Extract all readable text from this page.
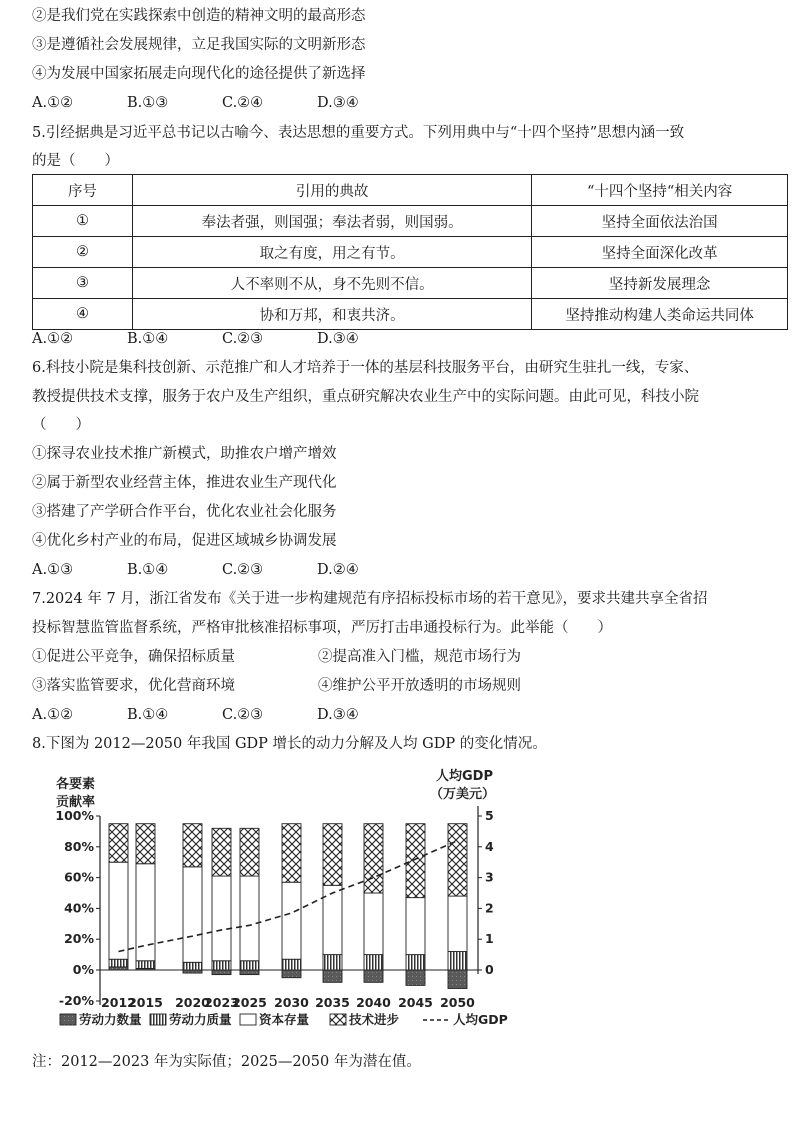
②是我们党在实践探索中创造的精神文明的最高形态
③是遵循社会发展规律，立足我国实际的文明新形态
④为发展中国家拓展走向现代化的途径提供了新选择
A.①②	B.①③	C.②④	D.③④
5.引经据典是习近平总书记以古喻今、表达思想的重要方式。下列用典中与“十四个坚持”思想内涵一致
的是（　　）
序号	引用的典故	“十四个坚持“相关内容
①	奉法者强，则国强；奉法者弱，则国弱。	坚持全面依法治国
②	取之有度，用之有节。	坚持全面深化改革
③	人不率则不从，身不先则不信。	坚持新发展理念
④	协和万邦，和衷共济。	坚持推动构建人类命运共同体
A.①②	B.①④	C.②③	D.③④
6.科技小院是集科技创新、示范推广和人才培养于一体的基层科技服务平台，由研究生驻扎一线，专家、
教授提供技术支撑，服务于农户及生产组织，重点研究解决农业生产中的实际问题。由此可见，科技小院
（　　）
①探寻农业技术推广新模式，助推农户增产增效
②属于新型农业经营主体，推进农业生产现代化
③搭建了产学研合作平台，优化农业社会化服务
④优化乡村产业的布局，促进区域城乡协调发展
A.①③	B.①④	C.②③	D.②④
7.2024 年 7 月，浙江省发布《关于进一步构建规范有序招标投标市场的若干意见》，要求共建共享全省招
投标智慧监管监督系统，严格审批核准招标事项，严厉打击串通投标行为。此举能（　　）
①促进公平竞争，确保招标质量	②提高准入门槛，规范市场行为
③落实监管要求，优化营商环境	④维护公平开放透明的市场规则
A.①②	B.①④	C.②③	D.③④
8.下图为 2012—2050 年我国 GDP 增长的动力分解及人均 GDP 的变化情况。
各要素
贡献率
人均GDP
（万美元）
100%
80%
60%
40%
20%
0%
-20%
5
4
3
2
1
0
2012
2015 2020
2023
2025 2030 2035 2040 2045 2050
劳动力数量 劳动力质量 资本存量	技术进步	人均GDP
注：2012—2023 年为实际值；2025—2050 年为潜在值。
